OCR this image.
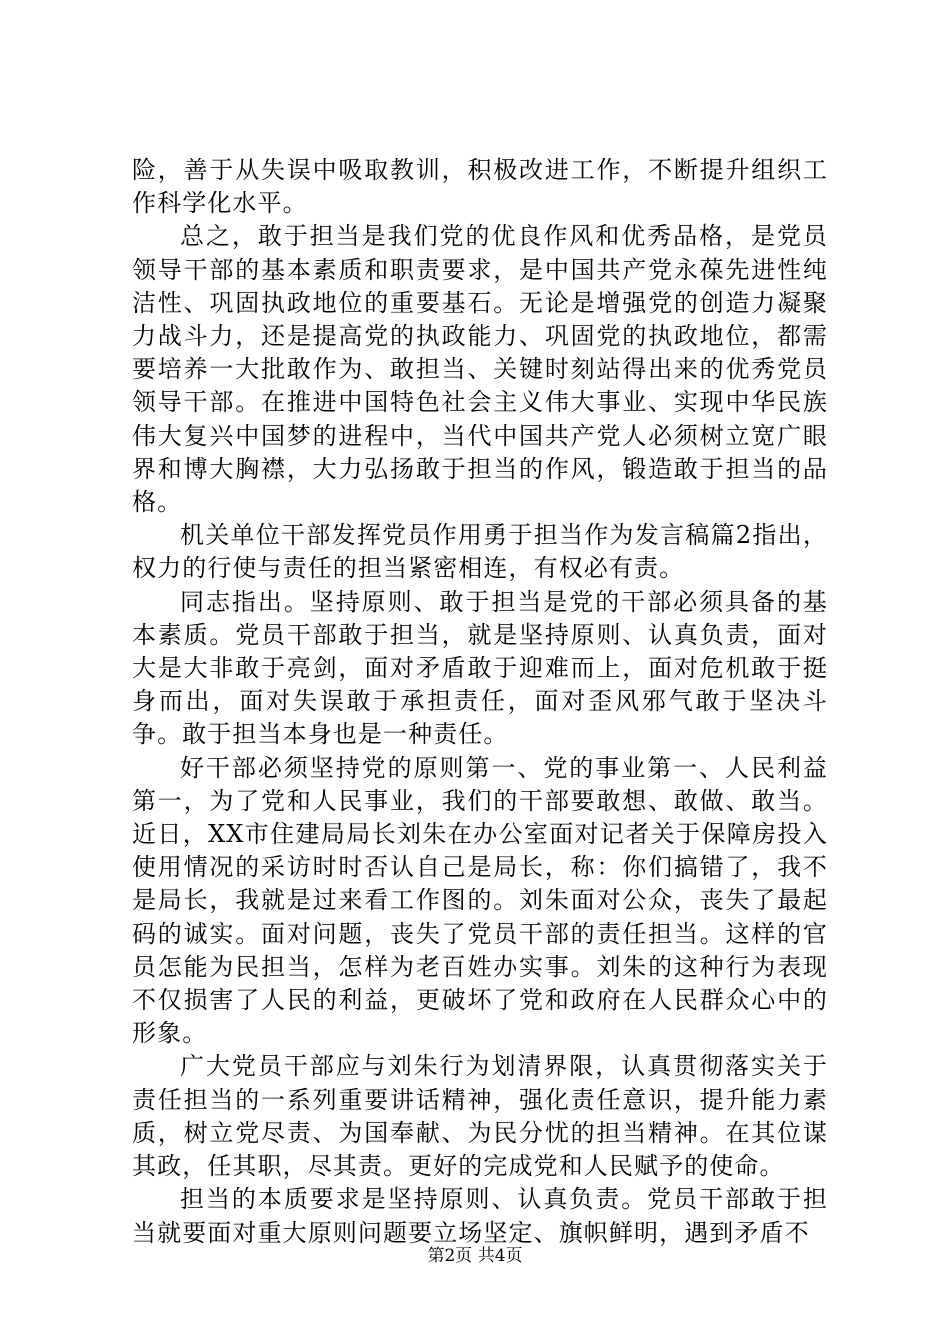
险，善于从失误中吸取教训，积极改进工作，不断提升组织工作科学化水平。

总之，敢于担当是我们党的优良作风和优秀品格，是党员领导干部的基本素质和职责要求，是中国共产党永葆先进性纯洁性、巩固执政地位的重要基石。无论是增强党的创造力凝聚力战斗力，还是提高党的执政能力、巩固党的执政地位，都需要培养一大批敢作为、敢担当、关键时刻站得出来的优秀党员领导干部。在推进中国特色社会主义伟大事业、实现中华民族伟大复兴中国梦的进程中，当代中国共产党人必须树立宽广眼界和博大胸襟，大力弘扬敢于担当的作风，锻造敢于担当的品格。

机关单位干部发挥党员作用勇于担当作为发言稿篇2指出，权力的行使与责任的担当紧密相连，有权必有责。

同志指出。坚持原则、敢于担当是党的干部必须具备的基本素质。党员干部敢于担当，就是坚持原则、认真负责，面对大是大非敢于亮剑，面对矛盾敢于迎难而上，面对危机敢于挺身而出，面对失误敢于承担责任，面对歪风邪气敢于坚决斗争。敢于担当本身也是一种责任。

好干部必须坚持党的原则第一、党的事业第一、人民利益第一，为了党和人民事业，我们的干部要敢想、敢做、敢当。近日，XX市住建局局长刘朱在办公室面对记者关于保障房投入使用情况的采访时时否认自己是局长，称：你们搞错了，我不是局长，我就是过来看工作图的。刘朱面对公众，丧失了最起码的诚实。面对问题，丧失了党员干部的责任担当。这样的官员怎能为民担当，怎样为老百姓办实事。刘朱的这种行为表现不仅损害了人民的利益，更破坏了党和政府在人民群众心中的形象。

广大党员干部应与刘朱行为划清界限，认真贯彻落实关于责任担当的一系列重要讲话精神，强化责任意识，提升能力素质，树立党尽责、为国奉献、为民分忧的担当精神。在其位谋其政，任其职，尽其责。更好的完成党和人民赋予的使命。

担当的本质要求是坚持原则、认真负责。党员干部敢于担当就要面对重大原则问题要立场坚定、旗帜鲜明，遇到矛盾不

第2页 共4页
